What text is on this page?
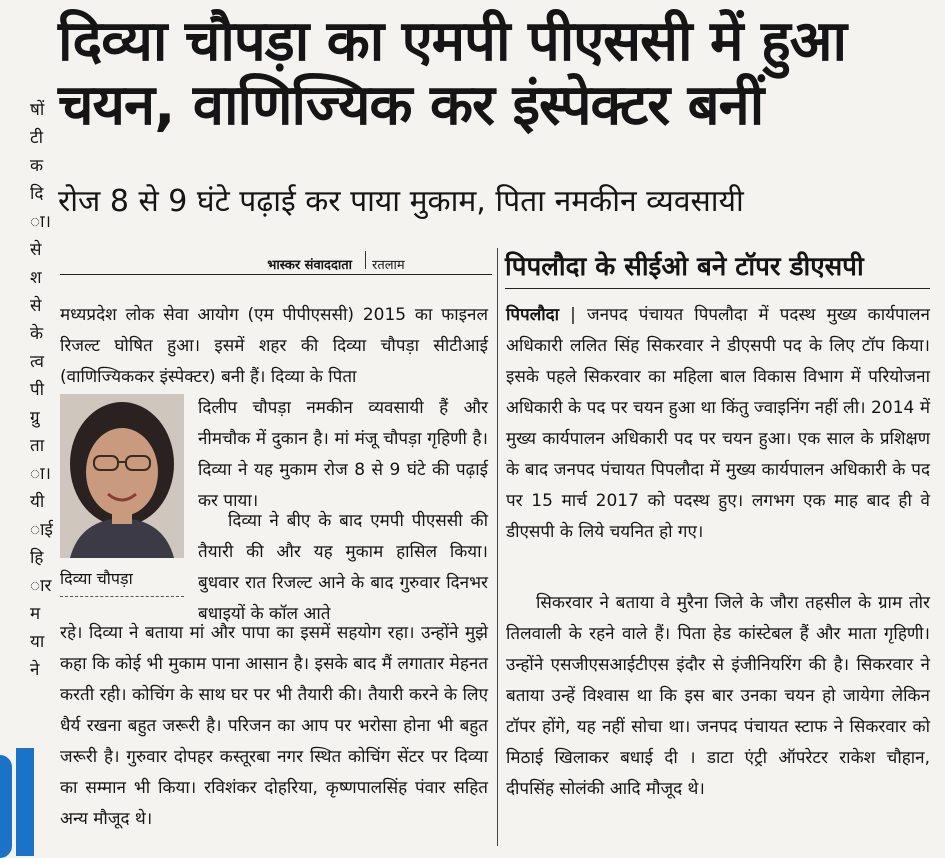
षों
टी
क
दि
ा।
से
श
से
के
त्व
पी
ग्रु
ता
ा।
यी
ाई
हि
ार
म
या
ने
दिव्या चौपड़ा का एमपी पीएससी में हुआ चयन, वाणिज्यिक कर इंस्पेक्टर बनीं
रोज 8 से 9 घंटे पढ़ाई कर पाया मुकाम, पिता नमकीन व्यवसायी
भास्कर संवाददाता रतलाम	पिपलौदा के सीईओ बने टॉपर डीएसपी
मध्यप्रदेश लोक सेवा आयोग (एम पीपीएससी) 2015 का फाइनल रिजल्ट घोषित हुआ। इसमें शहर की दिव्या चौपड़ा सीटीआई (वाणिज्यिककर इंस्पेक्टर) बनी हैं। दिव्या के पिता
दिलीप चौपड़ा नमकीन व्यवसायी हैं और नीमचौक में दुकान है। मां मंजू चौपड़ा गृहिणी है। दिव्या ने यह मुकाम रोज 8 से 9 घंटे की पढ़ाई कर पाया।
दिव्या ने बीए के बाद एमपी पीएससी की तैयारी की और यह मुकाम हासिल किया। बुधवार रात रिजल्ट आने के बाद गुरुवार दिनभर बधाइयों के कॉल आते
दिव्या चौपड़ा
रहे। दिव्या ने बताया मां और पापा का इसमें सहयोग रहा। उन्होंने मुझे कहा कि कोई भी मुकाम पाना आसान है। इसके बाद मैं लगातार मेहनत करती रही। कोचिंग के साथ घर पर भी तैयारी की। तैयारी करने के लिए धैर्य रखना बहुत जरूरी है। परिजन का आप पर भरोसा होना भी बहुत जरूरी है। गुरुवार दोपहर कस्तूरबा नगर स्थित कोचिंग सेंटर पर दिव्या का सम्मान भी किया। रविशंकर दोहरिया, कृष्णपालसिंह पंवार सहित अन्य मौजूद थे।
पिपलौदा | जनपद पंचायत पिपलौदा में पदस्थ मुख्य कार्यपालन अधिकारी ललित सिंह सिकरवार ने डीएसपी पद के लिए टॉप किया। इसके पहले सिकरवार का महिला बाल विकास विभाग में परियोजना अधिकारी के पद पर चयन हुआ था किंतु ज्वाइनिंग नहीं ली। 2014 में मुख्य कार्यपालन अधिकारी पद पर चयन हुआ। एक साल के प्रशिक्षण के बाद जनपद पंचायत पिपलौदा में मुख्य कार्यपालन अधिकारी के पद पर 15 मार्च 2017 को पदस्थ हुए। लगभग एक माह बाद ही वे डीएसपी के लिये चयनित हो गए।
सिकरवार ने बताया वे मुरैना जिले के जौरा तहसील के ग्राम तोर तिलवाली के रहने वाले हैं। पिता हेड कांस्टेबल हैं और माता गृहिणी। उन्होंने एसजीएसआईटीएस इंदौर से इंजीनियरिंग की है। सिकरवार ने बताया उन्हें विश्वास था कि इस बार उनका चयन हो जायेगा लेकिन टॉपर होंगे, यह नहीं सोचा था। जनपद पंचायत स्टाफ ने सिकरवार को मिठाई खिलाकर बधाई दी । डाटा एंट्री ऑपरेटर राकेश चौहान, दीपसिंह सोलंकी आदि मौजूद थे।
